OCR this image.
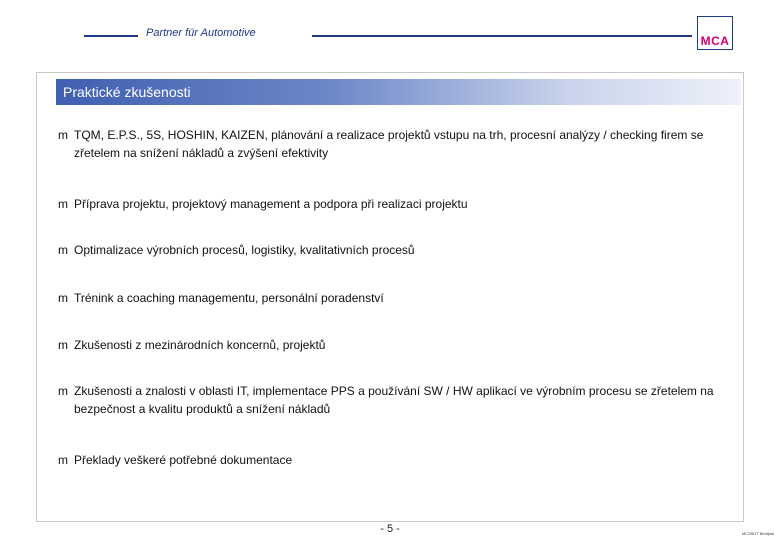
Partner für Automotive
MCA
Praktické zkušenosti
m TQM, E.P.S., 5S, HOSHIN, KAIZEN, plánování a realizace projektů vstupu na trh, procesní analýzy / checking firem se zřetelem na snížení nákladů a zvýšení efektivity
m Příprava projektu, projektový management a podpora při realizaci projektu
m Optimalizace výrobních procesů, logistiky, kvalitativních procesů
m Trénink a coaching managementu, personální poradenství
m Zkušenosti z mezinárodních koncernů, projektů
m Zkušenosti a znalosti v oblasti IT, implementace PPS a používání SW / HW aplikací ve výrobním procesu se zřetelem na bezpečnost a kvalitu produktů a snížení nákladů
m Překlady veškeré potřebné dokumentace
- 5 -	MCZBOT Bedijdal
